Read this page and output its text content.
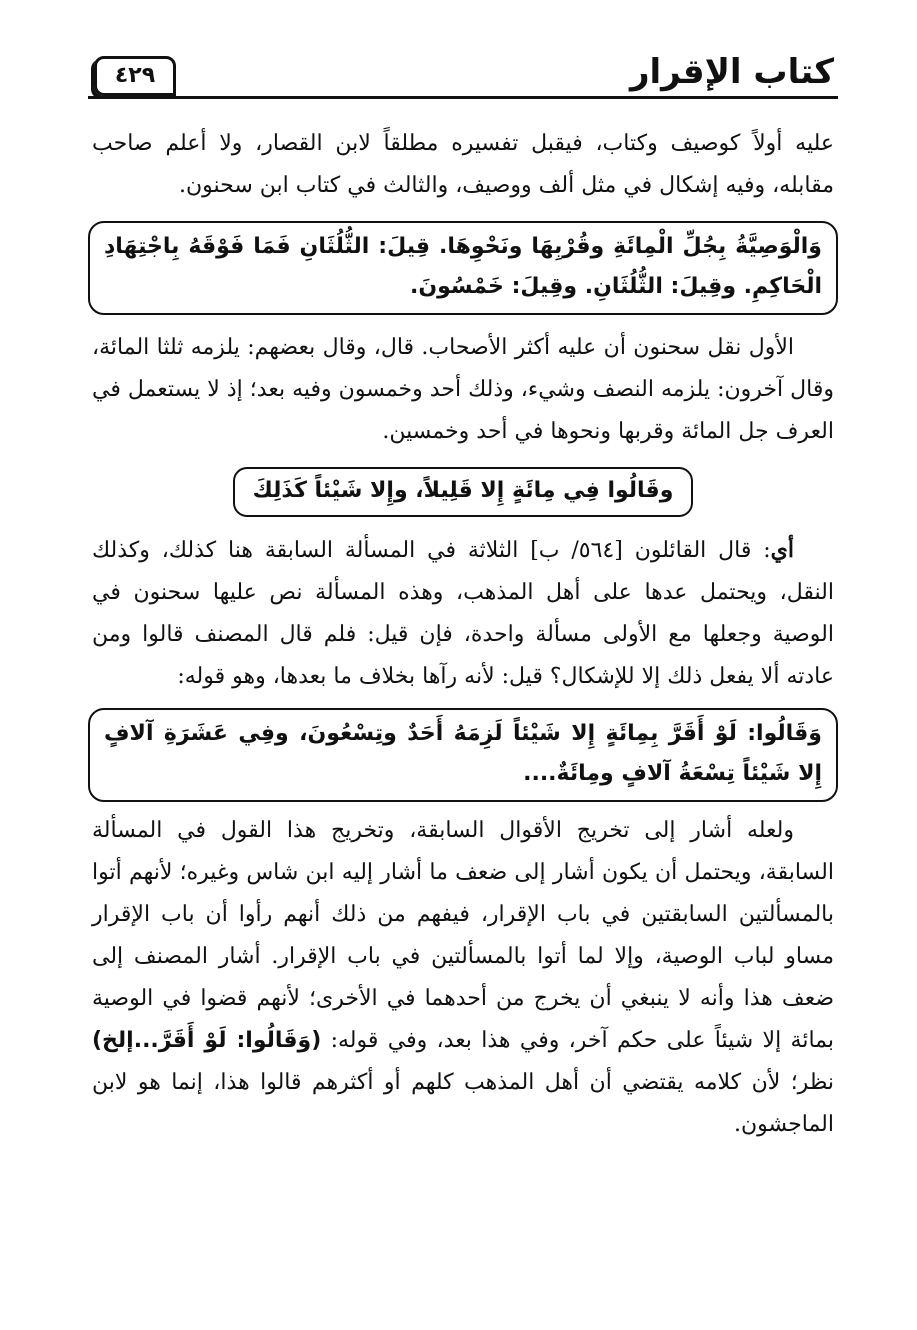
كتاب الإقرار
٤٢٩

عليه أولاً كوصيف وكتاب، فيقبل تفسيره مطلقاً لابن القصار، ولا أعلم صاحب مقابله، وفيه إشكال في مثل ألف ووصيف، والثالث في كتاب ابن سحنون.

وَالْوَصِيَّةُ بِجُلِّ الْمِائَةِ وقُرْبِهَا ونَحْوِهَا. قِيلَ: الثُّلُثَانِ فَمَا فَوْقَهُ بِاجْتِهَادِ الْحَاكِمِ. وقِيلَ: الثُّلُثَانِ. وقِيلَ: خَمْسُونَ.

الأول نقل سحنون أن عليه أكثر الأصحاب. قال، وقال بعضهم: يلزمه ثلثا المائة، وقال آخرون: يلزمه النصف وشيء، وذلك أحد وخمسون وفيه بعد؛ إذ لا يستعمل في العرف جل المائة وقربها ونحوها في أحد وخمسين.

وقَالُوا فِي مِائَةٍ إِلا قَلِيلاً، وإِلا شَيْئاً كَذَلِكَ

أي: قال القائلون [٥٦٤/ ب] الثلاثة في المسألة السابقة هنا كذلك، وكذلك النقل، ويحتمل عدها على أهل المذهب، وهذه المسألة نص عليها سحنون في الوصية وجعلها مع الأولى مسألة واحدة، فإن قيل: فلم قال المصنف قالوا ومن عادته ألا يفعل ذلك إلا للإشكال؟ قيل: لأنه رآها بخلاف ما بعدها، وهو قوله:

وَقَالُوا: لَوْ أَقَرَّ بِمِائَةٍ إِلا شَيْئاً لَزِمَهُ أَحَدٌ وتِسْعُونَ، وفِي عَشَرَةِ آلافٍ إِلا شَيْئاً تِسْعَةُ آلافٍ ومِائَةٌ....

ولعله أشار إلى تخريج الأقوال السابقة، وتخريج هذا القول في المسألة السابقة، ويحتمل أن يكون أشار إلى ضعف ما أشار إليه ابن شاس وغيره؛ لأنهم أتوا بالمسألتين السابقتين في باب الإقرار، فيفهم من ذلك أنهم رأوا أن باب الإقرار مساو لباب الوصية، وإلا لما أتوا بالمسألتين في باب الإقرار. أشار المصنف إلى ضعف هذا وأنه لا ينبغي أن يخرج من أحدهما في الأخرى؛ لأنهم قضوا في الوصية بمائة إلا شيئاً على حكم آخر، وفي هذا بعد، وفي قوله: (وَقَالُوا: لَوْ أَقَرَّ...إلخ) نظر؛ لأن كلامه يقتضي أن أهل المذهب كلهم أو أكثرهم قالوا هذا، إنما هو لابن الماجشون.
